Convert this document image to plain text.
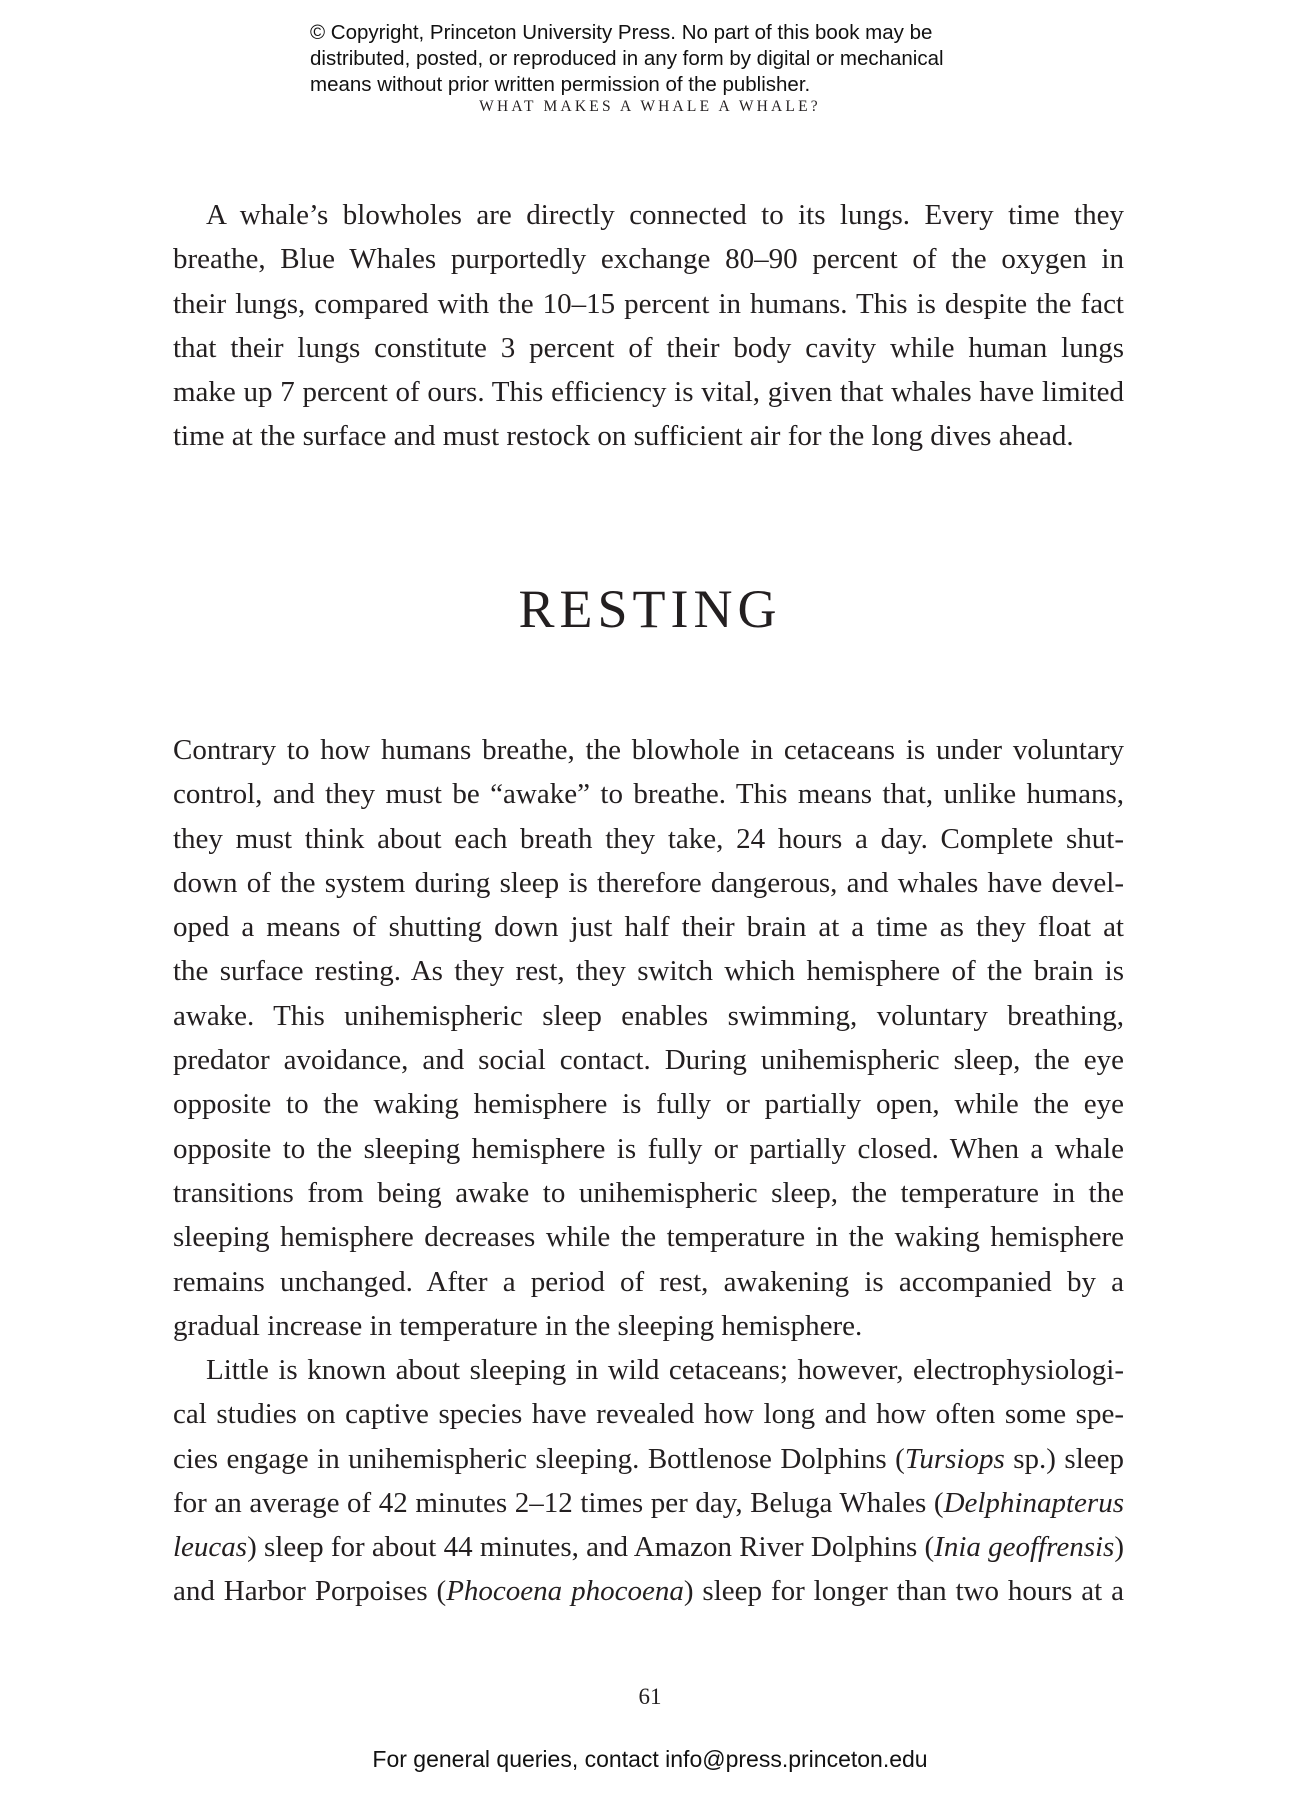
© Copyright, Princeton University Press. No part of this book may be
distributed, posted, or reproduced in any form by digital or mechanical
means without prior written permission of the publisher.
WHAT MAKES A WHALE A WHALE?

A whale’s blowholes are directly connected to its lungs. Every time they
breathe, Blue Whales purportedly exchange 80–90 percent of the oxygen in
their lungs, compared with the 10–15 percent in humans. This is despite the fact
that their lungs constitute 3 percent of their body cavity while human lungs
make up 7 percent of ours. This efficiency is vital, given that whales have limited
time at the surface and must restock on sufficient air for the long dives ahead.

Contrary to how humans breathe, the blowhole in cetaceans is under voluntary
control, and they must be “awake” to breathe. This means that, unlike humans,
they must think about each breath they take, 24 hours a day. Complete shut-
down of the system during sleep is therefore dangerous, and whales have devel-
oped a means of shutting down just half their brain at a time as they float at
the surface resting. As they rest, they switch which hemisphere of the brain is
awake. This unihemispheric sleep enables swimming, voluntary breathing,
predator avoidance, and social contact. During unihemispheric sleep, the eye
opposite to the waking hemisphere is fully or partially open, while the eye
opposite to the sleeping hemisphere is fully or partially closed. When a whale
transitions from being awake to unihemispheric sleep, the temperature in the
sleeping hemisphere decreases while the temperature in the waking hemisphere
remains unchanged. After a period of rest, awakening is accompanied by a
gradual increase in temperature in the sleeping hemisphere.

Little is known about sleeping in wild cetaceans; however, electrophysiologi-
cal studies on captive species have revealed how long and how often some spe-
cies engage in unihemispheric sleeping. Bottlenose Dolphins (Tursiops sp.) sleep
for an average of 42 minutes 2–12 times per day, Beluga Whales (Delphinapterus
leucas) sleep for about 44 minutes, and Amazon River Dolphins (Inia geoffrensis)
and Harbor Porpoises (Phocoena phocoena) sleep for longer than two hours at a

RESTING
61
For general queries, contact info@press.princeton.edu
